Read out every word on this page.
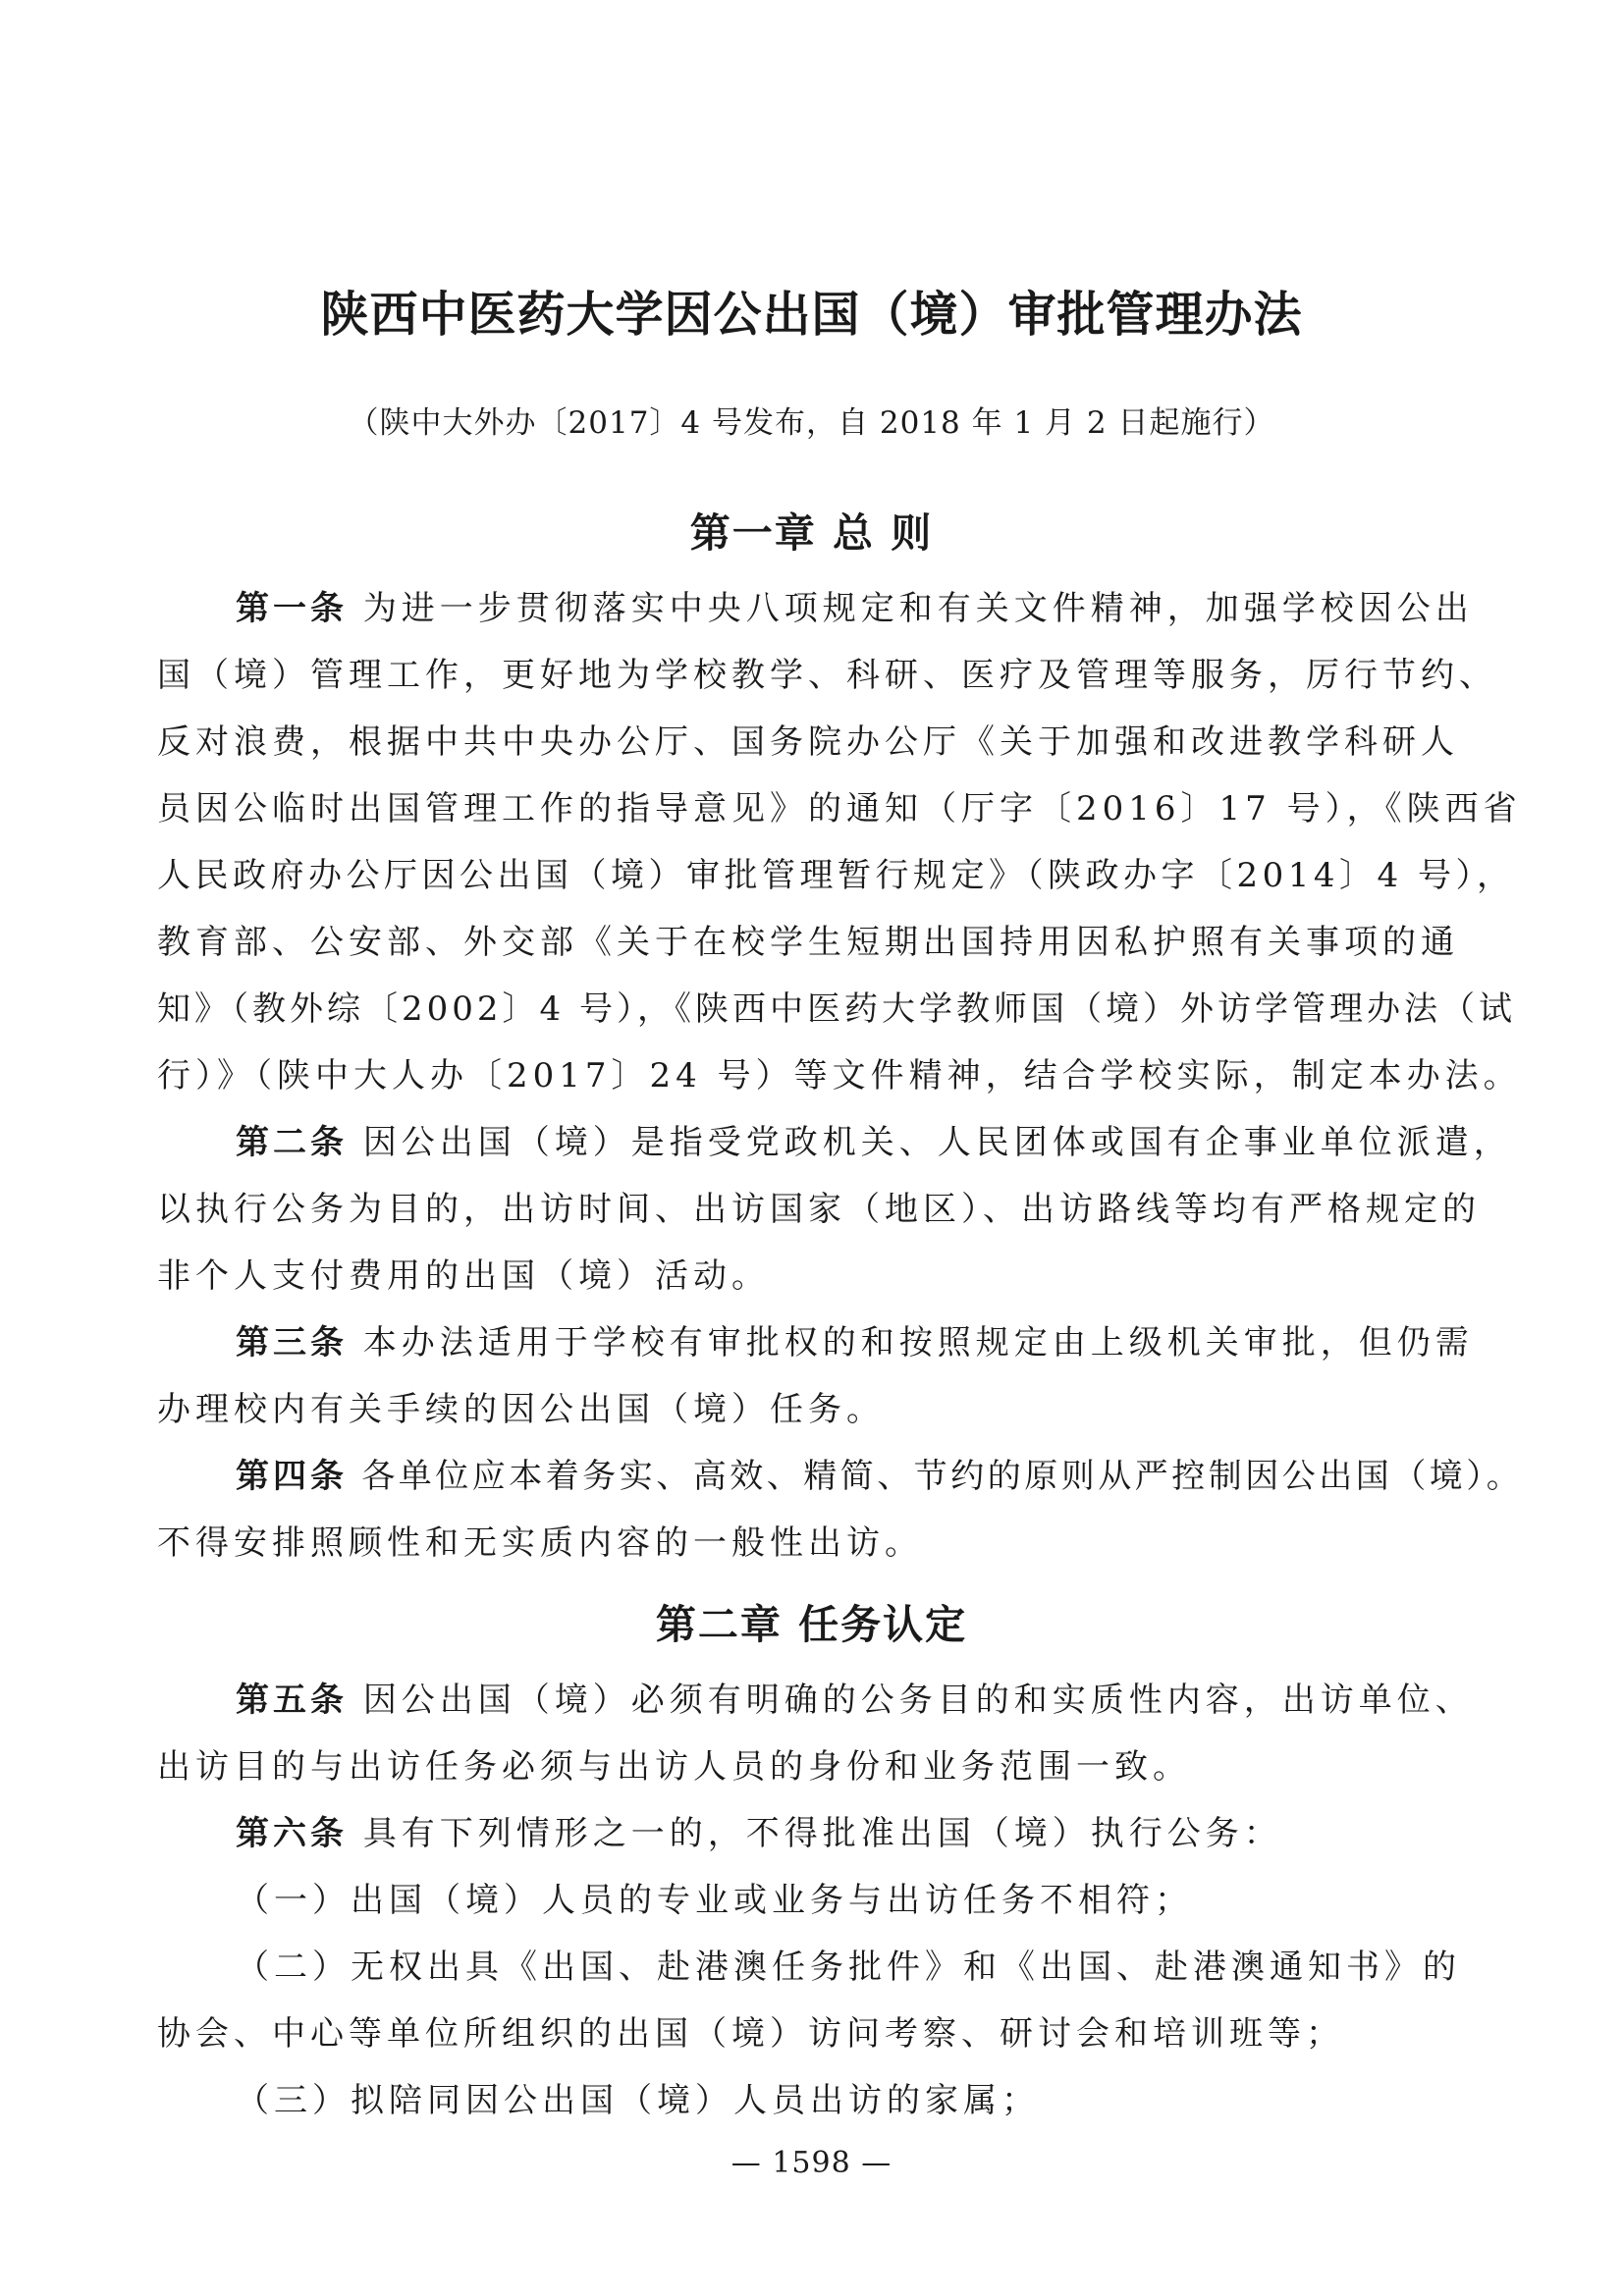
陕西中医药大学因公出国（境）审批管理办法
（陕中大外办〔2017〕4 号发布，自 2018 年 1 月 2 日起施行）
第一章 总 则
第一条 为进一步贯彻落实中央八项规定和有关文件精神，加强学校因公出
国（境）管理工作，更好地为学校教学、科研、医疗及管理等服务，厉行节约、
反对浪费，根据中共中央办公厅、国务院办公厅《关于加强和改进教学科研人
员因公临时出国管理工作的指导意见》的通知（厅字〔2016〕17 号），《陕西省
人民政府办公厅因公出国（境）审批管理暂行规定》（陕政办字〔2014〕4 号），
教育部、公安部、外交部《关于在校学生短期出国持用因私护照有关事项的通
知》（教外综〔2002〕4 号），《陕西中医药大学教师国（境）外访学管理办法（试
行）》（陕中大人办〔2017〕24 号）等文件精神，结合学校实际，制定本办法。
第二条 因公出国（境）是指受党政机关、人民团体或国有企事业单位派遣，
以执行公务为目的，出访时间、出访国家（地区）、出访路线等均有严格规定的
非个人支付费用的出国（境）活动。
第三条 本办法适用于学校有审批权的和按照规定由上级机关审批，但仍需
办理校内有关手续的因公出国（境）任务。
第四条 各单位应本着务实、高效、精简、节约的原则从严控制因公出国（境）。
不得安排照顾性和无实质内容的一般性出访。
第二章 任务认定
第五条 因公出国（境）必须有明确的公务目的和实质性内容，出访单位、
出访目的与出访任务必须与出访人员的身份和业务范围一致。
第六条 具有下列情形之一的，不得批准出国（境）执行公务：
（一）出国（境）人员的专业或业务与出访任务不相符；
（二）无权出具《出国、赴港澳任务批件》和《出国、赴港澳通知书》的
协会、中心等单位所组织的出国（境）访问考察、研讨会和培训班等；
（三）拟陪同因公出国（境）人员出访的家属；
— 1598 —
